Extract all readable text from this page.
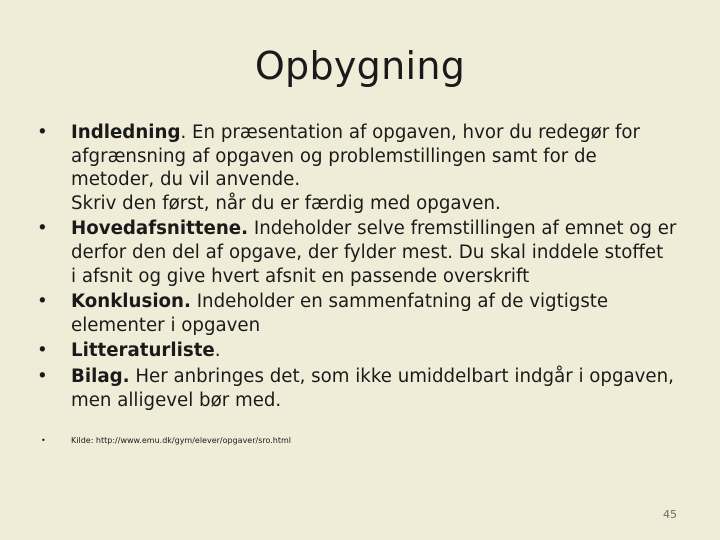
Opbygning
• Indledning. En præsentation af opgaven, hvor du redegør for
afgrænsning af opgaven og problemstillingen samt for de
metoder, du vil anvende.
Skriv den først, når du er færdig med opgaven.
• Hovedafsnittene. Indeholder selve fremstillingen af emnet og er
derfor den del af opgave, der fylder mest. Du skal inddele stoffet
i afsnit og give hvert afsnit en passende overskrift
• Konklusion. Indeholder en sammenfatning af de vigtigste
elementer i opgaven
• Litteraturliste.
• Bilag. Her anbringes det, som ikke umiddelbart indgår i opgaven,
men alligevel bør med.
•	Kilde: http://www.emu.dk/gym/elever/opgaver/sro.html
45
